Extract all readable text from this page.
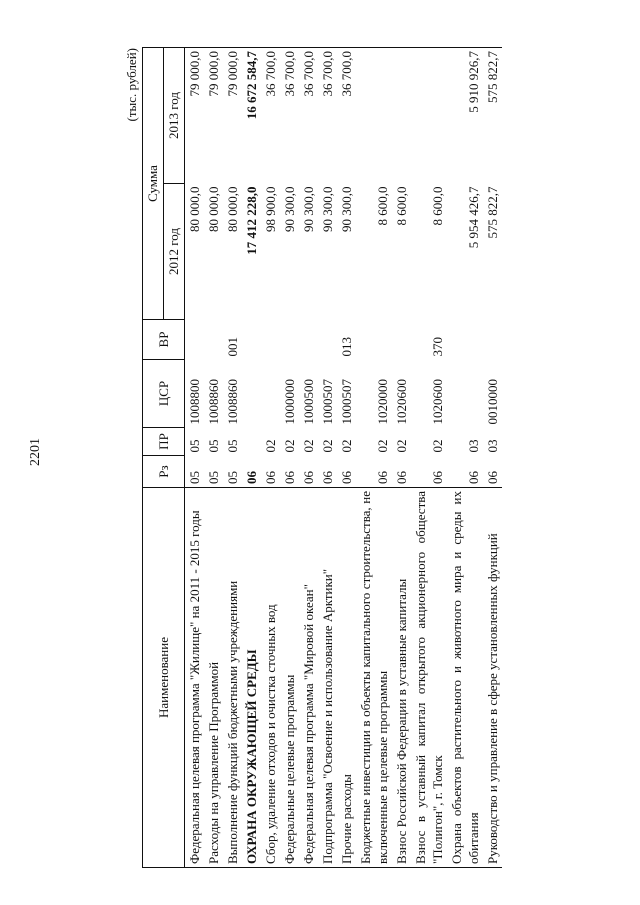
2201
(тыс. рублей)
Наименование	Рз	ПР	ЦСР	ВР	Сумма	
					2012 год	2013 год
Федеральная целевая программа "Жилище" на 2011 - 2015 годы	05	05	1008800		80 000,0	79 000,0
Расходы на управление Программой	05	05	1008860		80 000,0	79 000,0
Выполнение функций бюджетными учреждениями	05	05	1008860	001	80 000,0	79 000,0
ОХРАНА ОКРУЖАЮЩЕЙ СРЕДЫ	06				17 412 228,0	16 672 584,7
Сбор, удаление отходов и очистка сточных вод	06	02			98 900,0	36 700,0
Федеральные целевые программы	06	02	1000000		90 300,0	36 700,0
Федеральная целевая программа "Мировой океан"	06	02	1000500		90 300,0	36 700,0
Подпрограмма "Освоение и использование Арктики"	06	02	1000507		90 300,0	36 700,0
Прочие расходы	06	02	1000507	013	90 300,0	36 700,0
Бюджетные инвестиции в объекты капитального строительства, не включенные в целевые программы	06	02	1020000		8 600,0	
Взнос Российской Федерации в уставные капиталы	06	02	1020600		8 600,0	
Взнос в уставный капитал открытого акционерного общества "Полигон", г. Томск	06	02	1020600	370	8 600,0	
Охрана объектов растительного и животного мира и среды их обитания	06	03			5 954 426,7	5 910 926,7
Руководство и управление в сфере установленных функций	06	03	0010000		575 822,7	575 822,7
